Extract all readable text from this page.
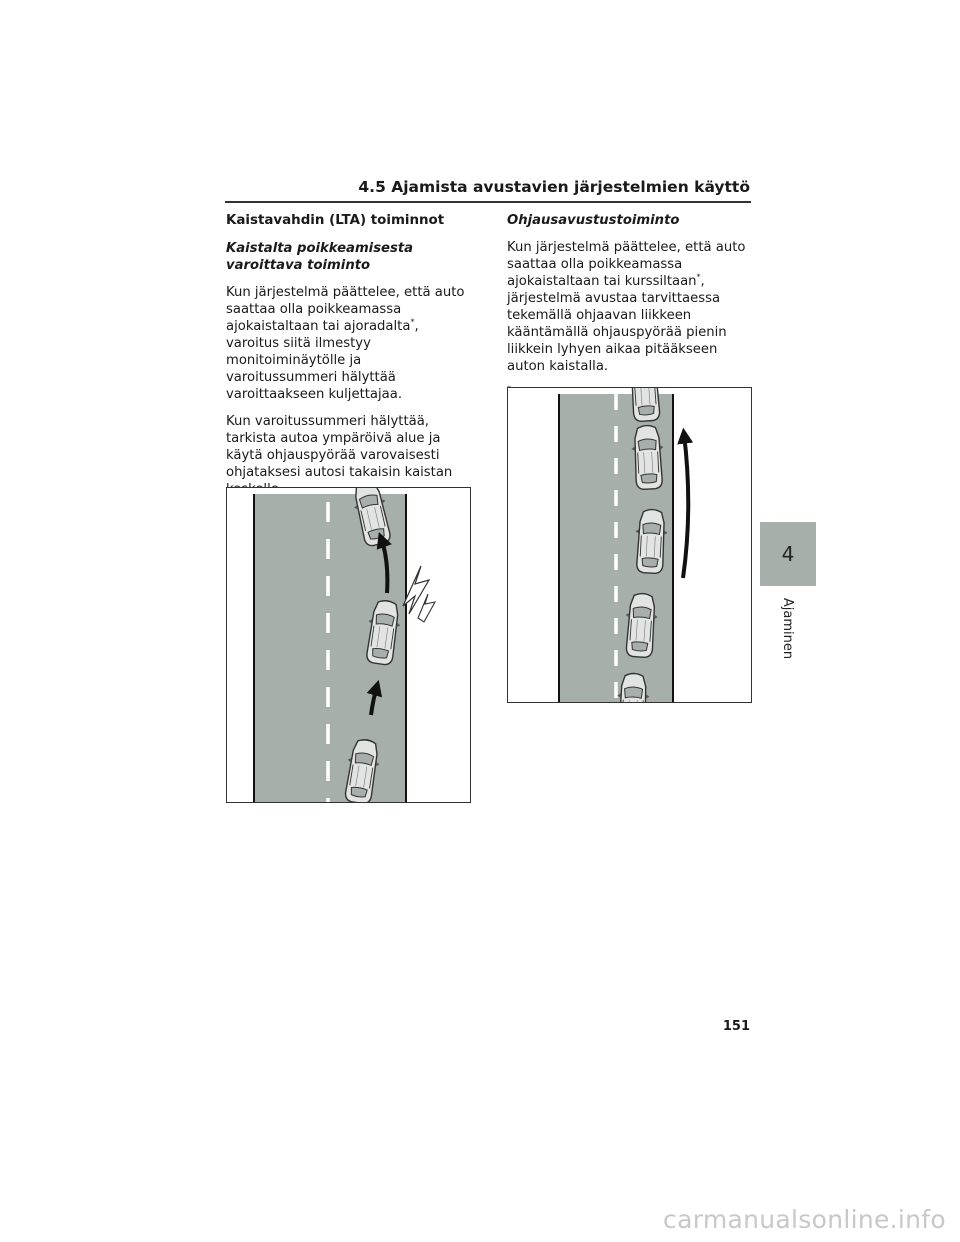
4.5 Ajamista avustavien järjestelmien käyttö
Kaistavahdin (LTA) toiminnot
Kaistalta poikkeamisesta varoittava toiminto

Kun järjestelmä päättelee, että auto saattaa olla poikkeamassa ajokaistaltaan tai ajoradalta*, varoitus siitä ilmestyy monitoiminäytölle ja varoitussummeri hälyttää varoittaakseen kuljettajaa.

Kun varoitussummeri hälyttää, tarkista autoa ympäröivä alue ja käytä ohjauspyörää varovaisesti ohjataksesi autosi takaisin kaistan

Ohjausavustustoiminto

Kun järjestelmä päättelee, että auto saattaa olla poikkeamassa ajokaistaltaan tai kurssiltaan*, järjestelmä avustaa tarvittaessa tekemällä ohjaavan liikkeen kääntämällä ohjauspyörää pienin liikkein lyhyen aikaa pitääkseen auton kaistalla.

4
Ajaminen
151
carmanualsonline.info
